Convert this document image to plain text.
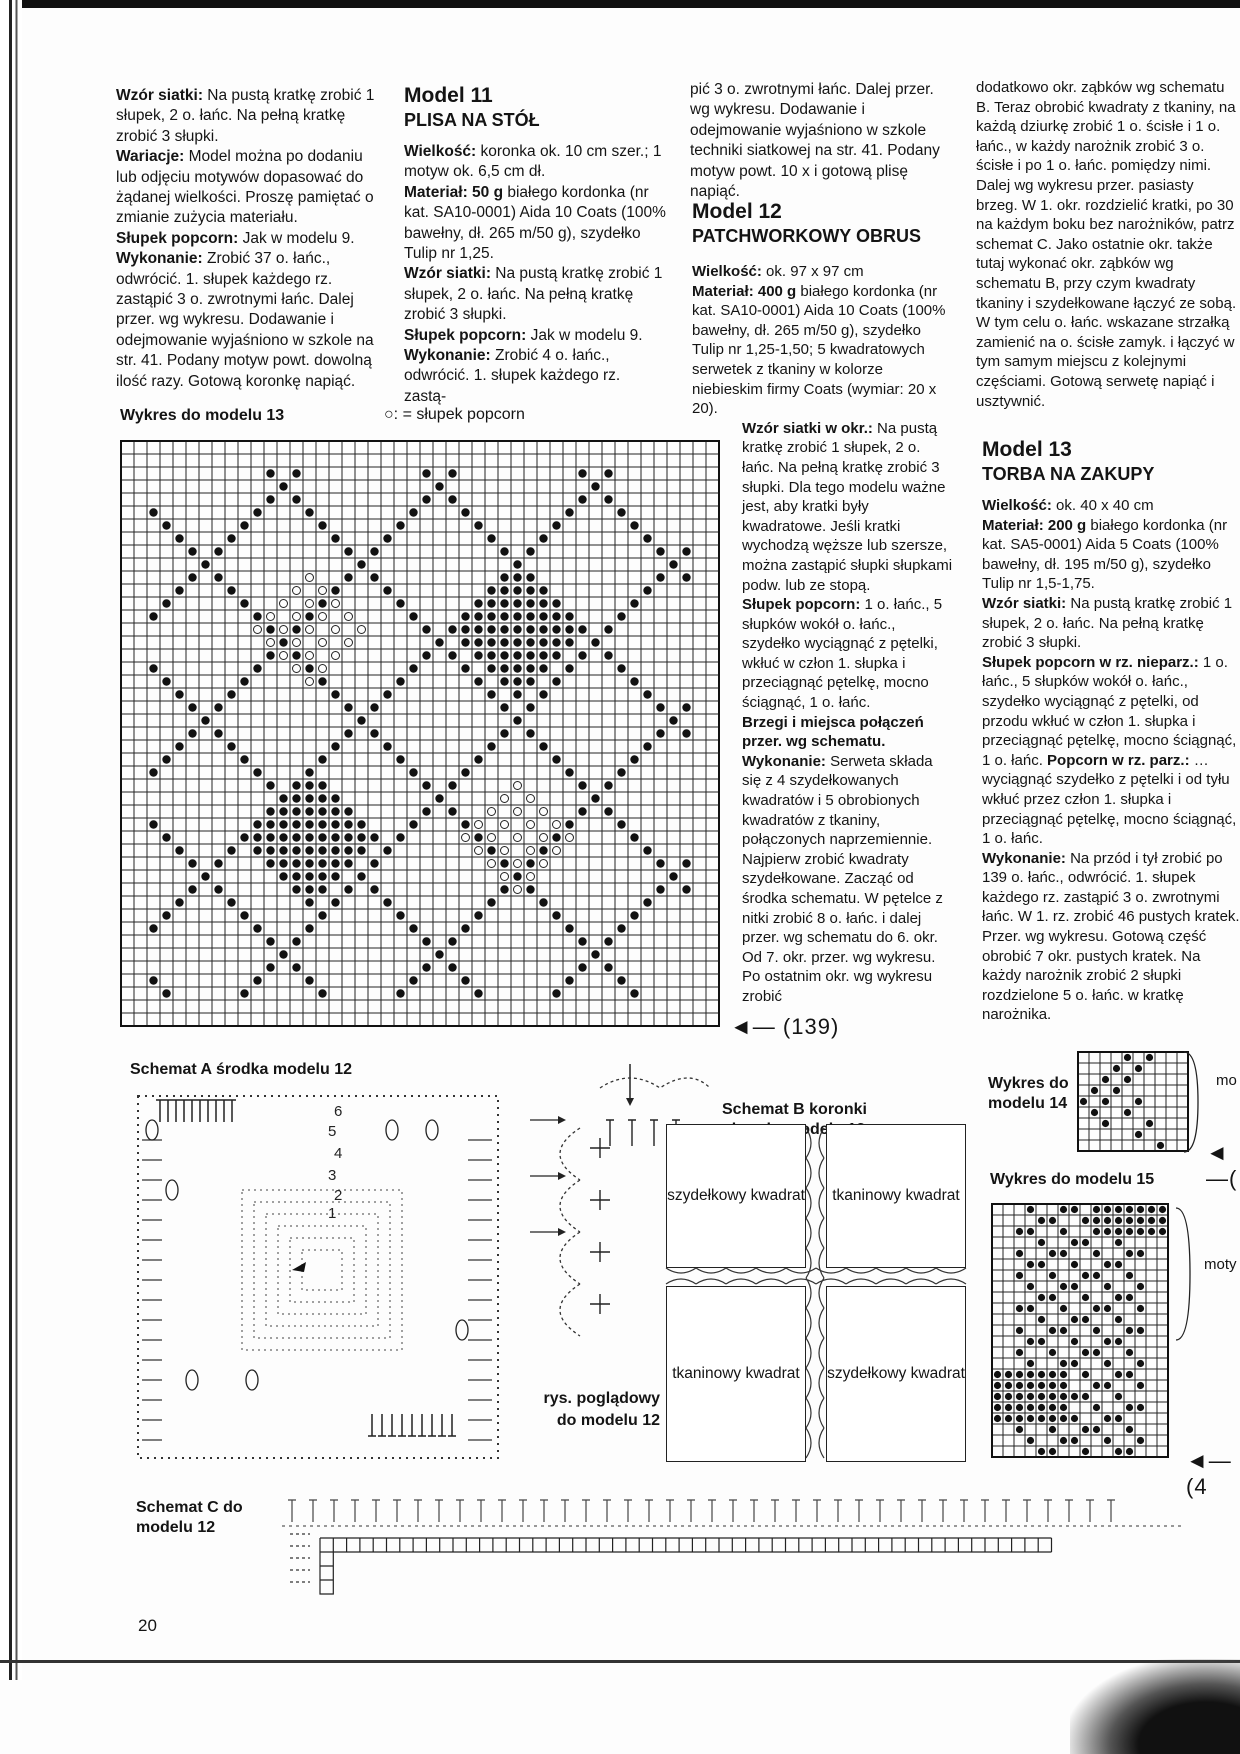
Wzór siatki: Na pustą kratkę zrobić 1 słupek, 2 o. łańc. Na pełną kratkę zrobić 3 słupki.

Wariacje: Model można po dodaniu lub odjęciu motywów dopasować do żądanej wielkości. Proszę pamiętać o zmianie zużycia materiału.

Słupek popcorn: Jak w modelu 9.

Wykonanie: Zrobić 37 o. łańc., odwrócić. 1. słupek każdego rz. zastąpić 3 o. zwrotnymi łańc. Dalej przer. wg wykresu. Dodawanie i odejmowanie wyjaśniono w szkole na str. 41. Podany motyw powt. dowolną ilość razy. Gotową koronkę napiąć.

Model 11
PLISA NA STÓŁ

Wielkość: koronka ok. 10 cm szer.; 1 motyw ok. 6,5 cm dł.

Materiał: 50 g białego kordonka (nr kat. SA10-0001) Aida 10 Coats (100% bawełny, dł. 265 m/50 g), szydełko Tulip nr 1,25.

Wzór siatki: Na pustą kratkę zrobić 1 słupek, 2 o. łańc. Na pełną kratkę zrobić 3 słupki.

Słupek popcorn: Jak w modelu 9.

Wykonanie: Zrobić 4 o. łańc., odwrócić. 1. słupek każdego rz. zastą-

pić 3 o. zwrotnymi łańc. Dalej przer. wg wykresu. Dodawanie i odejmowanie wyjaśniono w szkole techniki siatkowej na str. 41. Podany motyw powt. 10 x i gotową plisę napiąć.

Model 12
PATCHWORKOWY OBRUS

Wielkość: ok. 97 x 97 cm

Materiał: 400 g białego kordonka (nr kat. SA10-0001) Aida 10 Coats (100% bawełny, dł. 265 m/50 g), szydełko Tulip nr 1,25-1,50; 5 kwadratowych serwetek z tkaniny w kolorze niebieskim firmy Coats (wymiar: 20 x 20).

Wzór siatki w okr.: Na pustą kratkę zrobić 1 słupek, 2 o. łańc. Na pełną kratkę zrobić 3 słupki. Dla tego modelu ważne jest, aby kratki były kwadratowe. Jeśli kratki wychodzą węższe lub szersze, można zastąpić słupki słupkami podw. lub ze stopą.

Słupek popcorn: 1 o. łańc., 5 słupków wokół o. łańc., szydełko wyciągnąć z pętelki, wkłuć w człon 1. słupka i przeciągnąć pętelkę, mocno ściągnąć, 1 o. łańc.

Brzegi i miejsca połączeń przer. wg schematu.

Wykonanie: Serweta składa się z 4 szydełkowanych kwadratów i 5 obrobionych kwadratów z tkaniny, połączonych naprzemiennie. Najpierw zrobić kwadraty szydełkowane. Zacząć od środka schematu. W pętelce z nitki zrobić 8 o. łańc. i dalej przer. wg schematu do 6. okr. Od 7. okr. przer. wg wykresu. Po ostatnim okr. wg wykresu zrobić

dodatkowo okr. ząbków wg schematu B. Teraz obrobić kwadraty z tkaniny, na każdą dziurkę zrobić 1 o. ścisłe i 1 o. łańc., w każdy narożnik zrobić 3 o. ścisłe i po 1 o. łańc. pomiędzy nimi. Dalej wg wykresu przer. pasiasty brzeg. W 1. okr. rozdzielić kratki, po 30 na każdym boku bez narożników, patrz schemat C. Jako ostatnie okr. także tutaj wykonać okr. ząbków wg schematu B, przy czym kwadraty tkaniny i szydełkowane łączyć ze sobą. W tym celu o. łańc. wskazane strzałką zamienić na o. ścisłe zamyk. i łączyć w tym samym miejscu z kolejnymi częściami. Gotową serwetę napiąć i usztywnić.

Model 13
TORBA NA ZAKUPY

Wielkość: ok. 40 x 40 cm

Materiał: 200 g białego kordonka (nr kat. SA5-0001) Aida 5 Coats (100% bawełny, dł. 195 m/50 g), szydełko Tulip nr 1,5-1,75.

Wzór siatki: Na pustą kratkę zrobić 1 słupek, 2 o. łańc. Na pełną kratkę zrobić 3 słupki.

Słupek popcorn w rz. nieparz.: 1 o. łańc., 5 słupków wokół o. łańc., szydełko wyciągnąć z pętelki, od przodu wkłuć w człon 1. słupka i przeciągnąć pętelkę, mocno ściągnąć, 1 o. łańc. Popcorn w rz. parz.: …wyciągnąć szydełko z pętelki i od tyłu wkłuć przez człon 1. słupka i przeciągnąć pętelkę, mocno ściągnąć, 1 o. łańc.

Wykonanie: Na przód i tył zrobić po 139 o. łańc., odwrócić. 1. słupek każdego rz. zastąpić 3 o. zwrotnymi łańc. W 1. rz. zrobić 46 pustych kratek. Przer. wg wykresu. Gotową część obrobić 7 okr. pustych kratek. Na każdy narożnik zrobić 2 słupki rozdzielone 5 o. łańc. w kratkę narożnika.

Wykres do modelu 13	○: = słupek popcorn
◄— (139)
Schemat A środka modelu 12
1
2
3
4
5
6	Schemat B koronki modelu
rys. poglądowy do modelu 12
szydełkowy kwadrat tkaninowy kwadrat
tkaninowy kwadrat szydełkowy kwadrat
Wykres do modelu 14
mo
◄—(
Wykres do modelu 15
moty
◄—(4
Schemat C do modelu 12
20
